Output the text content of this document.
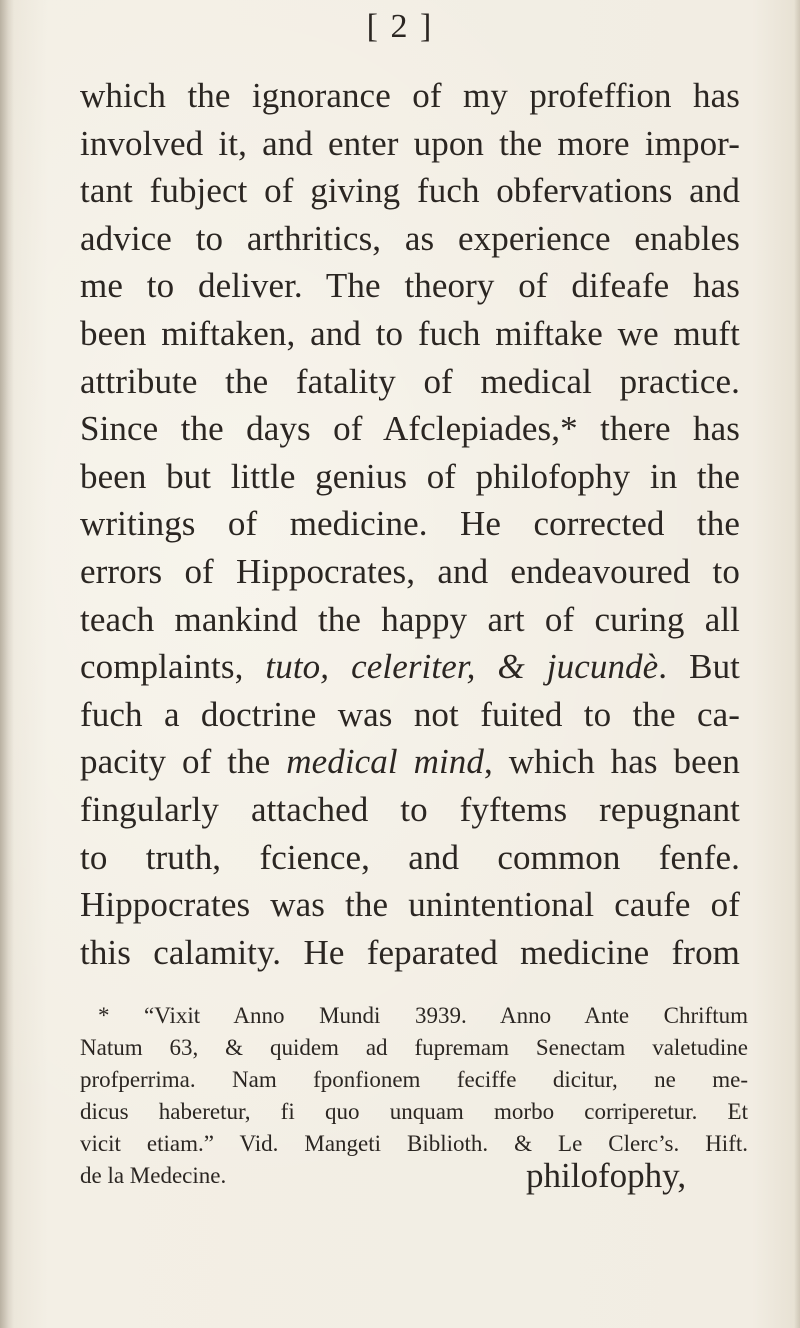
[ 2 ]
which the ignorance of my profeffion has
involved it, and enter upon the more impor-
tant fubject of giving fuch obfervations and
advice to arthritics, as experience enables
me to deliver. The theory of difeafe has
been miftaken, and to fuch miftake we muft
attribute the fatality of medical practice.
Since the days of Afclepiades,* there has
been but little genius of philofophy in the
writings of medicine. He corrected the
errors of Hippocrates, and endeavoured to
teach mankind the happy art of curing all
complaints, tuto, celeriter, & jucundè. But
fuch a doctrine was not fuited to the ca-
pacity of the medical mind, which has been
fingularly attached to fyftems repugnant
to truth, fcience, and common fenfe.
Hippocrates was the unintentional caufe of
this calamity. He feparated medicine from
* “Vixit Anno Mundi 3939. Anno Ante Chriftum
Natum 63, & quidem ad fupremam Senectam valetudine
profperrima. Nam fponfionem feciffe dicitur, ne me-
dicus haberetur, fi quo unquam morbo corriperetur. Et
vicit etiam.” Vid. Mangeti Biblioth. & Le Clerc’s. Hift.
de la Medecine.	philofophy,
